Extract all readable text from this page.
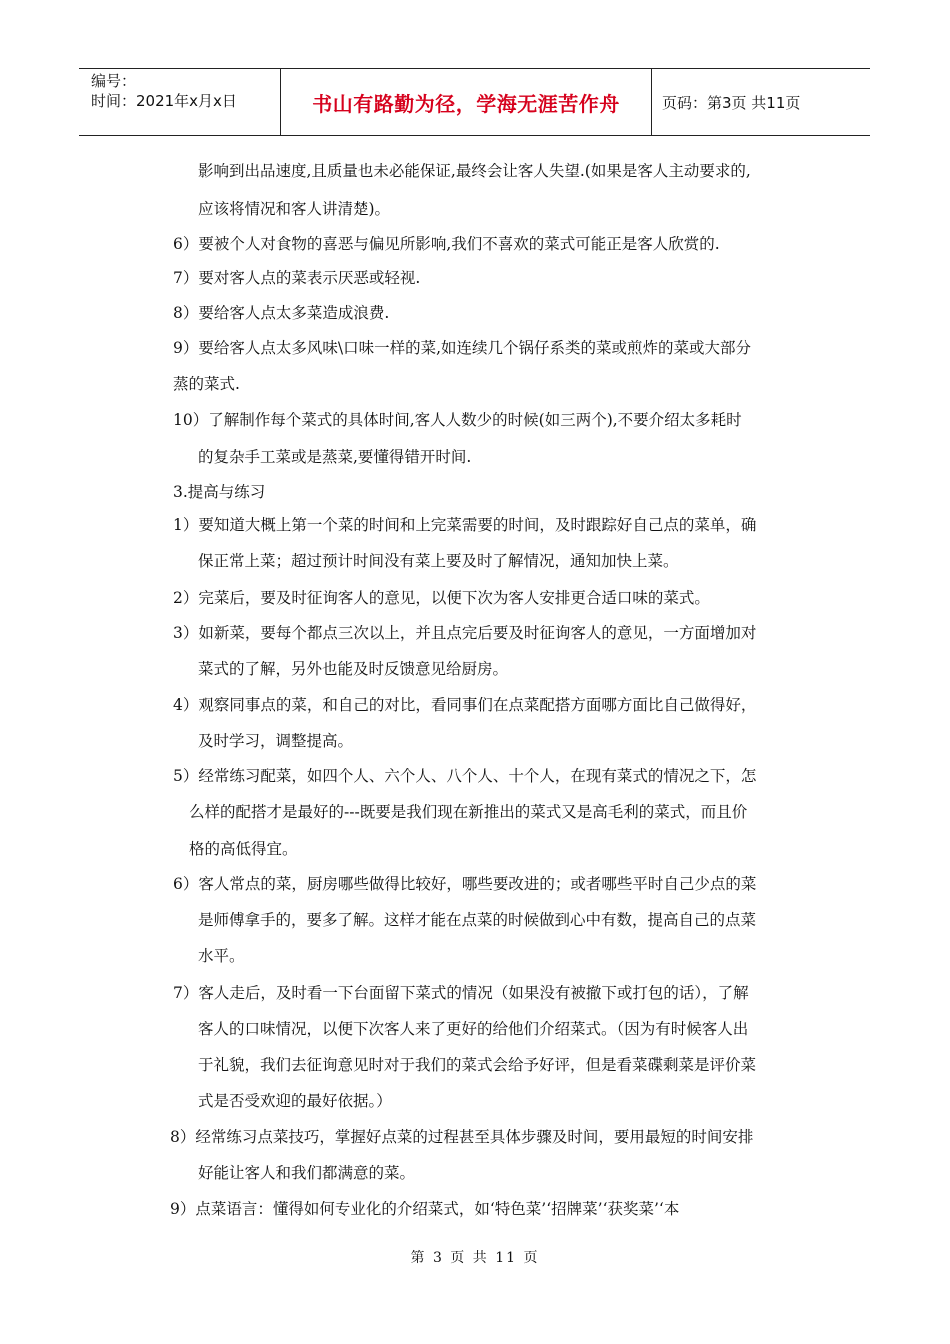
编号：
时间：2021年x月x日	书山有路勤为径，学海无涯苦作舟	页码：第3页 共11页
影响到出品速度,且质量也未必能保证,最终会让客人失望.(如果是客人主动要求的,
应该将情况和客人讲清楚)。
6）要被个人对食物的喜恶与偏见所影响,我们不喜欢的菜式可能正是客人欣赏的.
7）要对客人点的菜表示厌恶或轻视.
8）要给客人点太多菜造成浪费.
9）要给客人点太多风味\口味一样的菜,如连续几个锅仔系类的菜或煎炸的菜或大部分
蒸的菜式.
10）了解制作每个菜式的具体时间,客人人数少的时候(如三两个),不要介绍太多耗时
的复杂手工菜或是蒸菜,要懂得错开时间.
3.提高与练习
1）要知道大概上第一个菜的时间和上完菜需要的时间，及时跟踪好自己点的菜单，确
保正常上菜；超过预计时间没有菜上要及时了解情况，通知加快上菜。
2）完菜后，要及时征询客人的意见，以便下次为客人安排更合适口味的菜式。
3）如新菜，要每个都点三次以上，并且点完后要及时征询客人的意见，一方面增加对
菜式的了解，另外也能及时反馈意见给厨房。
4）观察同事点的菜，和自己的对比，看同事们在点菜配搭方面哪方面比自己做得好，
及时学习，调整提高。
5）经常练习配菜，如四个人、六个人、八个人、十个人，在现有菜式的情况之下，怎
么样的配搭才是最好的---既要是我们现在新推出的菜式又是高毛利的菜式，而且价
格的高低得宜。
6）客人常点的菜，厨房哪些做得比较好，哪些要改进的；或者哪些平时自己少点的菜
是师傅拿手的，要多了解。这样才能在点菜的时候做到心中有数，提高自己的点菜
水平。
7）客人走后，及时看一下台面留下菜式的情况（如果没有被撤下或打包的话），了解
客人的口味情况，以便下次客人来了更好的给他们介绍菜式。（因为有时候客人出
于礼貌，我们去征询意见时对于我们的菜式会给予好评，但是看菜碟剩菜是评价菜
式是否受欢迎的最好依据。）
8）经常练习点菜技巧，掌握好点菜的过程甚至具体步骤及时间，要用最短的时间安排
好能让客人和我们都满意的菜。
9）点菜语言：懂得如何专业化的介绍菜式，如‘特色菜’‘招牌菜’‘获奖菜’‘本
第 3 页 共 11 页
